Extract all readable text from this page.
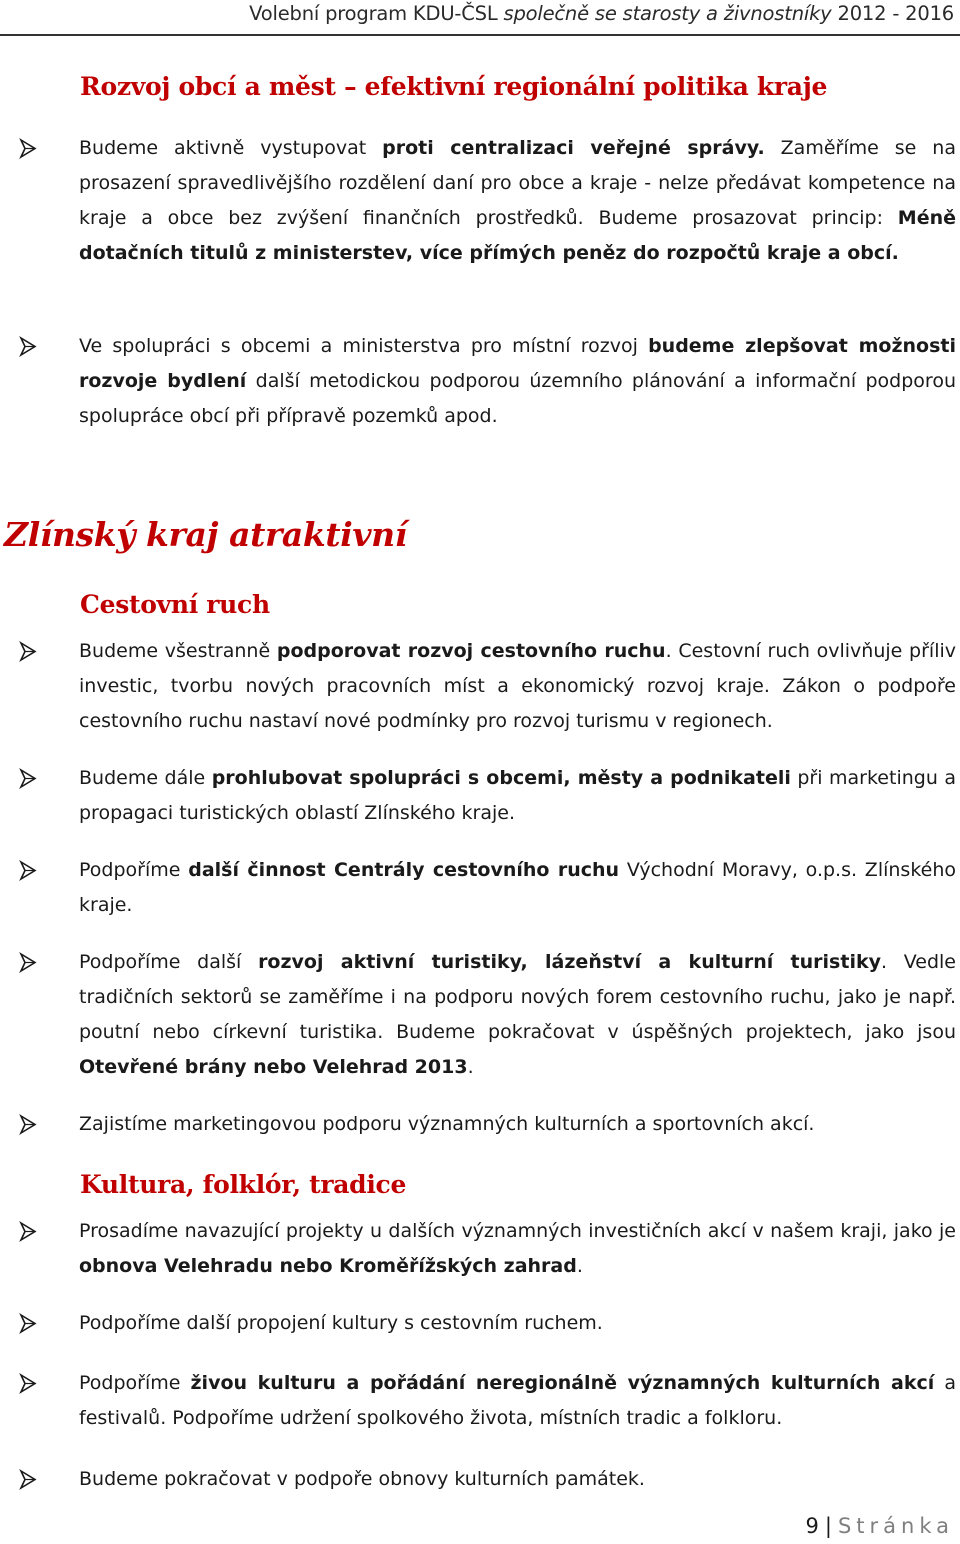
Volební program KDU-ČSL společně se starosty a živnostníky 2012 - 2016
Rozvoj obcí a měst – efektivní regionální politika kraje
Budeme aktivně vystupovat proti centralizaci veřejné správy. Zaměříme se na prosazení spravedlivějšího rozdělení daní pro obce a kraje - nelze předávat kompetence na kraje a obce bez zvýšení finančních prostředků. Budeme prosazovat princip: Méně dotačních titulů z ministerstev, více přímých peněz do rozpočtů kraje a obcí.
Ve spolupráci s obcemi a ministerstva pro místní rozvoj budeme zlepšovat možnosti rozvoje bydlení další metodickou podporou územního plánování a informační podporou spolupráce obcí při přípravě pozemků apod.
Zlínský kraj atraktivní
Cestovní ruch
Budeme všestranně podporovat rozvoj cestovního ruchu. Cestovní ruch ovlivňuje příliv investic, tvorbu nových pracovních míst a ekonomický rozvoj kraje. Zákon o podpoře cestovního ruchu nastaví nové podmínky pro rozvoj turismu v regionech.
Budeme dále prohlubovat spolupráci s obcemi, městy a podnikateli při marketingu a propagaci turistických oblastí Zlínského kraje.
Podpoříme další činnost Centrály cestovního ruchu Východní Moravy, o.p.s. Zlínského kraje.
Podpoříme další rozvoj aktivní turistiky, lázeňství a kulturní turistiky. Vedle tradičních sektorů se zaměříme i na podporu nových forem cestovního ruchu, jako je např. poutní nebo církevní turistika. Budeme pokračovat v úspěšných projektech, jako jsou Otevřené brány nebo Velehrad 2013.
Zajistíme marketingovou podporu významných kulturních a sportovních akcí.
Kultura, folklór, tradice
Prosadíme navazující projekty u dalších významných investičních akcí v našem kraji, jako je obnova Velehradu nebo Kroměřížských zahrad.
Podpoříme další propojení kultury s cestovním ruchem.
Podpoříme živou kulturu a pořádání neregionálně významných kulturních akcí a festivalů. Podpoříme udržení spolkového života, místních tradic a folkloru.
Budeme pokračovat v podpoře obnovy kulturních památek.
9 | Stránka
